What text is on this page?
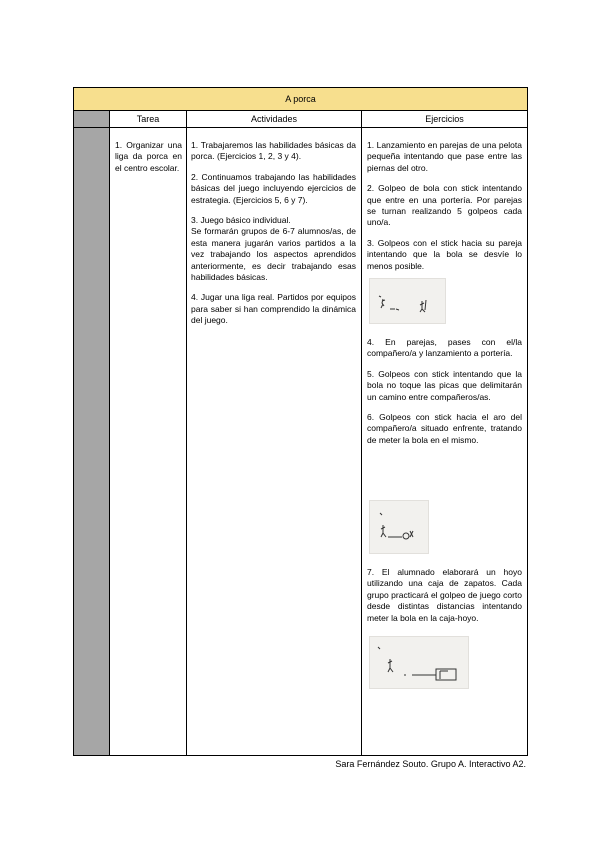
A porca
Tarea	Actividades	Ejercicios

1. Organizar una liga da porca en el centro escolar.

1. Trabajaremos las habilidades básicas da porca. (Ejercicios 1, 2, 3 y 4).

2. Continuamos trabajando las habilidades básicas del juego incluyendo ejercicios de estrategia. (Ejercicios 5, 6 y 7).

3. Juego básico individual.

Se formarán grupos de 6-7 alumnos/as, de esta manera jugarán varios partidos a la vez trabajando los aspectos aprendidos anteriormente, es decir trabajando esas habilidades básicas.

4. Jugar una liga real. Partidos por equipos para saber si han comprendido la dinámica del juego.

1. Lanzamiento en parejas de una pelota pequeña intentando que pase entre las piernas del otro.

2. Golpeo de bola con stick intentando que entre en una portería. Por parejas se turnan realizando 5 golpeos cada uno/a.

3. Golpeos con el stick hacia su pareja intentando que la bola se desvíe lo menos posible.

4. En parejas, pases con el/la compañero/a y lanzamiento a portería.

5. Golpeos con stick intentando que la bola no toque las picas que delimitarán un camino entre compañeros/as.

6. Golpeos con stick hacia el aro del compañero/a situado enfrente, tratando de meter la bola en el mismo.

7. El alumnado elaborará un hoyo utilizando una caja de zapatos. Cada grupo practicará el golpeo de juego corto desde distintas distancias intentando meter la bola en la caja-hoyo.

Sara Fernández Souto. Grupo A. Interactivo A2.
